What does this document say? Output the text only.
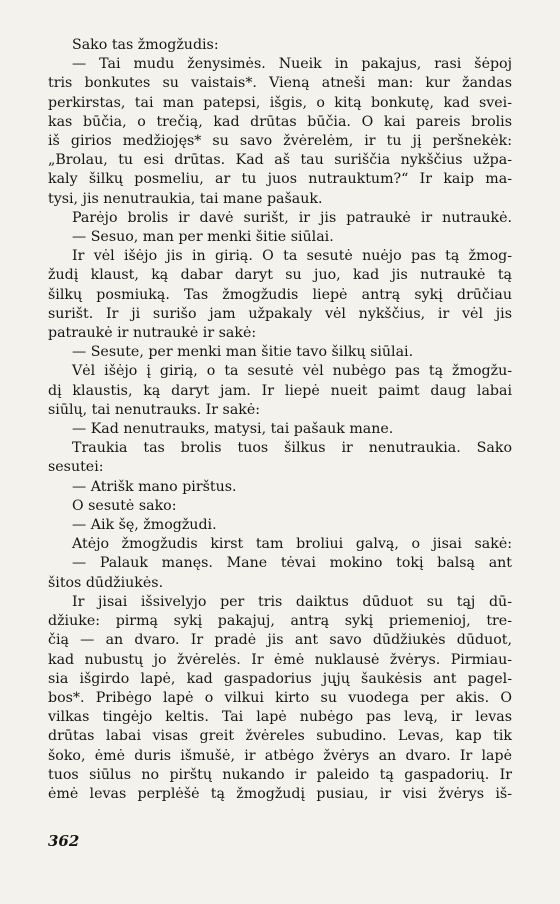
Sako tas žmogžudis:
— Tai mudu ženysimės. Nueik in pakajus, rasi šėpoj
tris bonkutes su vaistais*. Vieną atneši man: kur žandas
perkirstas, tai man patepsi, išgis, o kitą bonkutę, kad svei-
kas būčia, o trečią, kad drūtas būčia. O kai pareis brolis
iš girios medžiojęs* su savo žvėrelėm, ir tu jį peršnekėk:
„Brolau, tu esi drūtas. Kad aš tau suriščia nykščius užpa-
kaly šilkų posmeliu, ar tu juos nutrauktum?“ Ir kaip ma-
tysi, jis nenutraukia, tai mane pašauk.
Parėjo brolis ir davė surišt, ir jis patraukė ir nutraukė.
— Sesuo, man per menki šitie siūlai.
Ir vėl išėjo jis in girią. O ta sesutė nuėjo pas tą žmog-
žudį klaust, ką dabar daryt su juo, kad jis nutraukė tą
šilkų posmiuką. Tas žmogžudis liepė antrą sykį drūčiau
surišt. Ir ji surišo jam užpakaly vėl nykščius, ir vėl jis
patraukė ir nutraukė ir sakė:
— Sesute, per menki man šitie tavo šilkų siūlai.
Vėl išėjo į girią, o ta sesutė vėl nubėgo pas tą žmogžu-
dį klaustis, ką daryt jam. Ir liepė nueit paimt daug labai
siūlų, tai nenutrauks. Ir sakė:
— Kad nenutrauks, matysi, tai pašauk mane.
Traukia tas brolis tuos šilkus ir nenutraukia. Sako
sesutei:
— Atrišk mano pirštus.
O sesutė sako:
— Aik šę, žmogžudi.
Atėjo žmogžudis kirst tam broliui galvą, o jisai sakė:
— Palauk manęs. Mane tėvai mokino tokį balsą ant
šitos dūdžiukės.
Ir jisai išsivelyjo per tris daiktus dūduot su tąj dū-
džiuke: pirmą sykį pakajuj, antrą sykį priemenioj, tre-
čią — an dvaro. Ir pradė jis ant savo dūdžiukės dūduot,
kad nubustų jo žvėrelės. Ir ėmė nuklausė žvėrys. Pirmiau-
sia išgirdo lapė, kad gaspadorius jųjų šaukėsis ant pagel-
bos*. Pribėgo lapė o vilkui kirto su vuodega per akis. O
vilkas tingėjo keltis. Tai lapė nubėgo pas levą, ir levas
drūtas labai visas greit žvėreles subudino. Levas, kap tik
šoko, ėmė duris išmušė, ir atbėgo žvėrys an dvaro. Ir lapė
tuos siūlus no pirštų nukando ir paleido tą gaspadorių. Ir
ėmė levas perplėšė tą žmogžudį pusiau, ir visi žvėrys iš-
362
